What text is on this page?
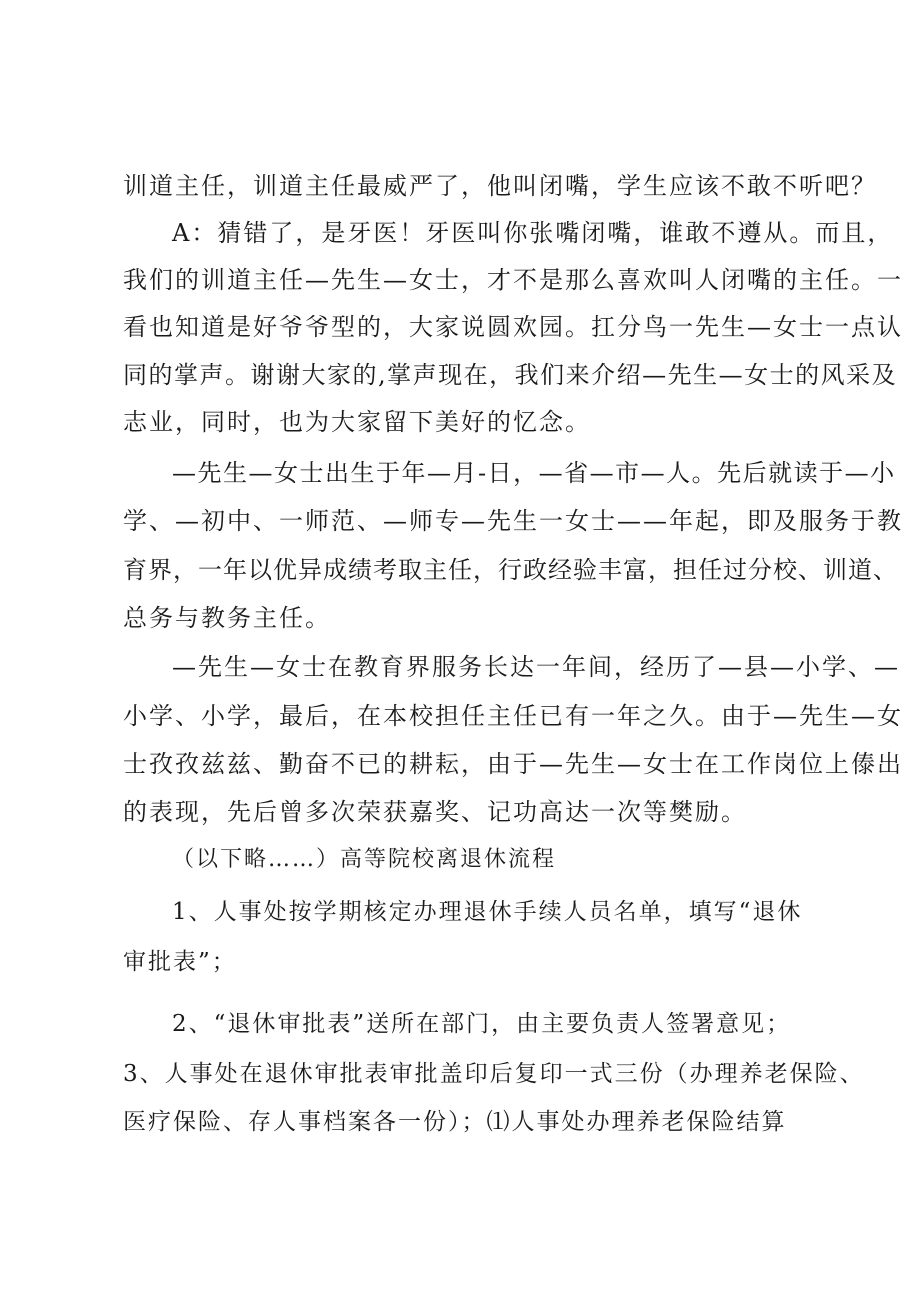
训道主任，训道主任最威严了，他叫闭嘴，学生应该不敢不听吧？
A：猜错了，是牙医！牙医叫你张嘴闭嘴，谁敢不遵从。而且，
我们的训道主任—先生—女士，才不是那么喜欢叫人闭嘴的主任。一
看也知道是好爷爷型的，大家说圆欢园。扛分鸟一先生—女士一点认
同的掌声。谢谢大家的,掌声现在，我们来介绍—先生—女士的风采及
志业，同时，也为大家留下美好的忆念。
—先生—女士出生于年—月-日，—省—市—人。先后就读于—小
学、—初中、一师范、—师专—先生一女士——年起，即及服务于教
育界，一年以优异成绩考取主任，行政经验丰富，担任过分校、训道、
总务与教务主任。
—先生—女士在教育界服务长达一年间，经历了—县—小学、—
小学、小学，最后，在本校担任主任已有一年之久。由于—先生—女
士孜孜兹兹、勤奋不已的耕耘，由于—先生—女士在工作岗位上傣出
的表现，先后曾多次荣获嘉奖、记功高达一次等樊励。
（以下略……）高等院校离退休流程
1、人事处按学期核定办理退休手续人员名单，填写“退休
审批表”；
2、“退休审批表”送所在部门，由主要负责人签署意见；
3、人事处在退休审批表审批盖印后复印一式三份（办理养老保险、
医疗保险、存人事档案各一份）；⑴人事处办理养老保险结算
